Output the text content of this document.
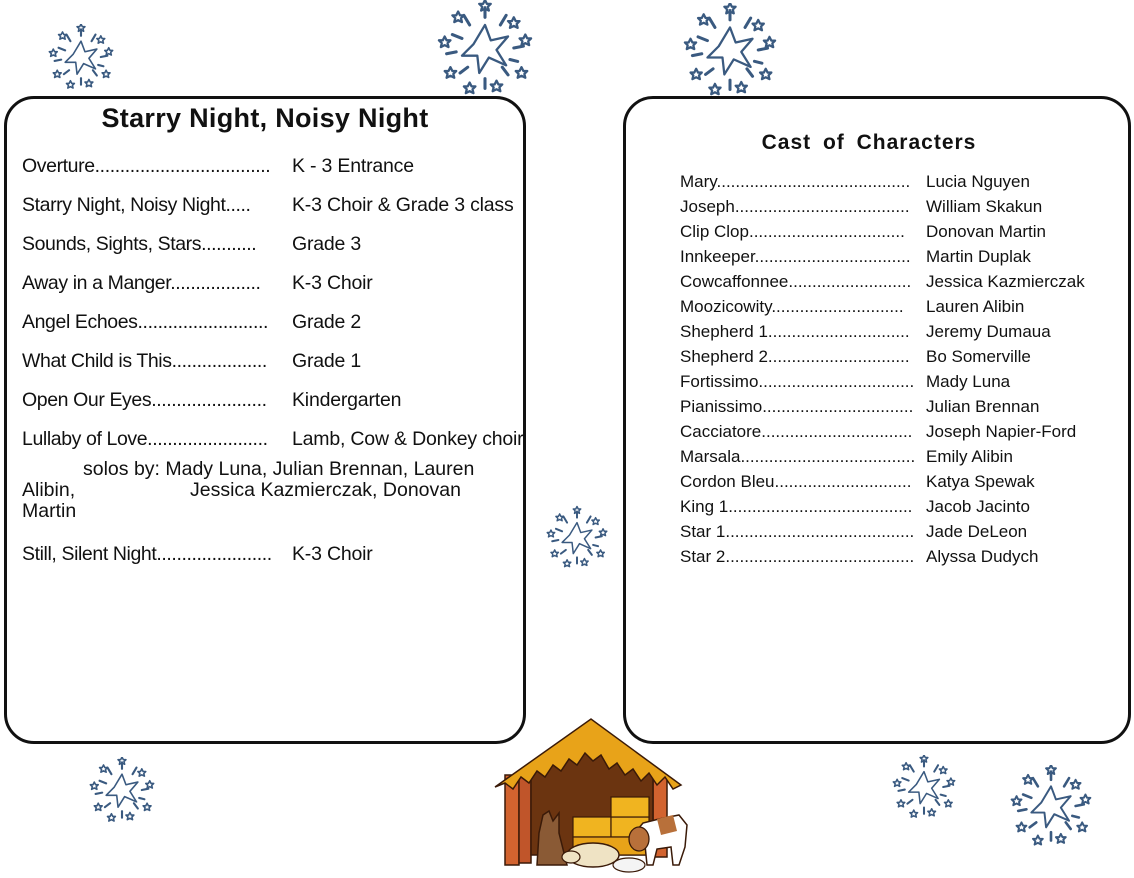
Starry Night, Noisy Night
Overture................................... K - 3 Entrance
Starry Night, Noisy Night..... K-3 Choir & Grade 3 class
Sounds, Sights, Stars........... Grade 3
Away in a Manger.................. K-3 Choir
Angel Echoes.......................... Grade 2
What Child is This................... Grade 1
Open Our Eyes....................... Kindergarten
Lullaby of Love........................ Lamb, Cow & Donkey choir
solos by: Mady Luna, Julian Brennan, Lauren
Alibin,	Jessica Kazmierczak, Donovan
Martin
Still, Silent Night....................... K-3 Choir
Cast of Characters
Mary......................................... Lucia Nguyen
Joseph..................................... William Skakun
Clip Clop................................. Donovan Martin
Innkeeper................................. Martin Duplak
Cowcaffonnee.......................... Jessica Kazmierczak
Moozicowity............................ Lauren Alibin
Shepherd 1.............................. Jeremy Dumaua
Shepherd 2.............................. Bo Somerville
Fortissimo................................. Mady Luna
Pianissimo................................ Julian Brennan
Cacciatore................................ Joseph Napier-Ford
Marsala..................................... Emily Alibin
Cordon Bleu............................. Katya Spewak
King 1....................................... Jacob Jacinto
Star 1........................................ Jade DeLeon
Star 2........................................ Alyssa Dudych
